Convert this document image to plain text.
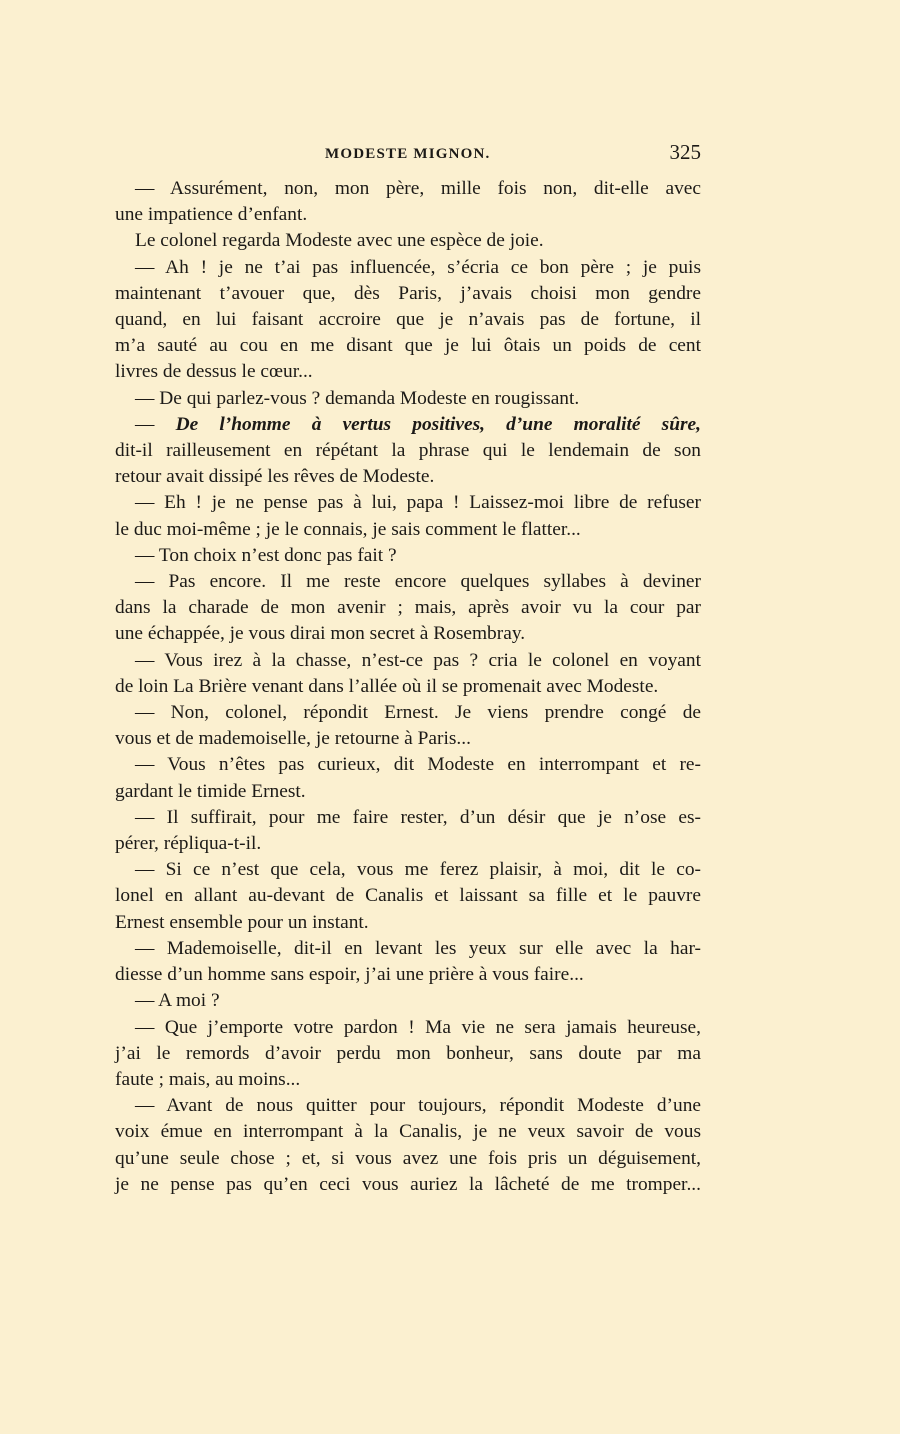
MODESTE MIGNON.	325
— Assurément, non, mon père, mille fois non, dit-elle avec
une impatience d’enfant.
Le colonel regarda Modeste avec une espèce de joie.
— Ah ! je ne t’ai pas influencée, s’écria ce bon père ; je puis
maintenant t’avouer que, dès Paris, j’avais choisi mon gendre
quand, en lui faisant accroire que je n’avais pas de fortune, il
m’a sauté au cou en me disant que je lui ôtais un poids de cent
livres de dessus le cœur...
— De qui parlez-vous ? demanda Modeste en rougissant.
— De l’homme à vertus positives, d’une moralité sûre,
dit-il railleusement en répétant la phrase qui le lendemain de son
retour avait dissipé les rêves de Modeste.
— Eh ! je ne pense pas à lui, papa ! Laissez-moi libre de refuser
le duc moi-même ; je le connais, je sais comment le flatter...
— Ton choix n’est donc pas fait ?
— Pas encore. Il me reste encore quelques syllabes à deviner
dans la charade de mon avenir ; mais, après avoir vu la cour par
une échappée, je vous dirai mon secret à Rosembray.
— Vous irez à la chasse, n’est-ce pas ? cria le colonel en voyant
de loin La Brière venant dans l’allée où il se promenait avec Modeste.
— Non, colonel, répondit Ernest. Je viens prendre congé de
vous et de mademoiselle, je retourne à Paris...
— Vous n’êtes pas curieux, dit Modeste en interrompant et re-
gardant le timide Ernest.
— Il suffirait, pour me faire rester, d’un désir que je n’ose es-
pérer, répliqua-t-il.
— Si ce n’est que cela, vous me ferez plaisir, à moi, dit le co-
lonel en allant au-devant de Canalis et laissant sa fille et le pauvre
Ernest ensemble pour un instant.
— Mademoiselle, dit-il en levant les yeux sur elle avec la har-
diesse d’un homme sans espoir, j’ai une prière à vous faire...
— A moi ?
— Que j’emporte votre pardon ! Ma vie ne sera jamais heureuse,
j’ai le remords d’avoir perdu mon bonheur, sans doute par ma
faute ; mais, au moins...
— Avant de nous quitter pour toujours, répondit Modeste d’une
voix émue en interrompant à la Canalis, je ne veux savoir de vous
qu’une seule chose ; et, si vous avez une fois pris un déguisement,
je ne pense pas qu’en ceci vous auriez la lâcheté de me tromper...
